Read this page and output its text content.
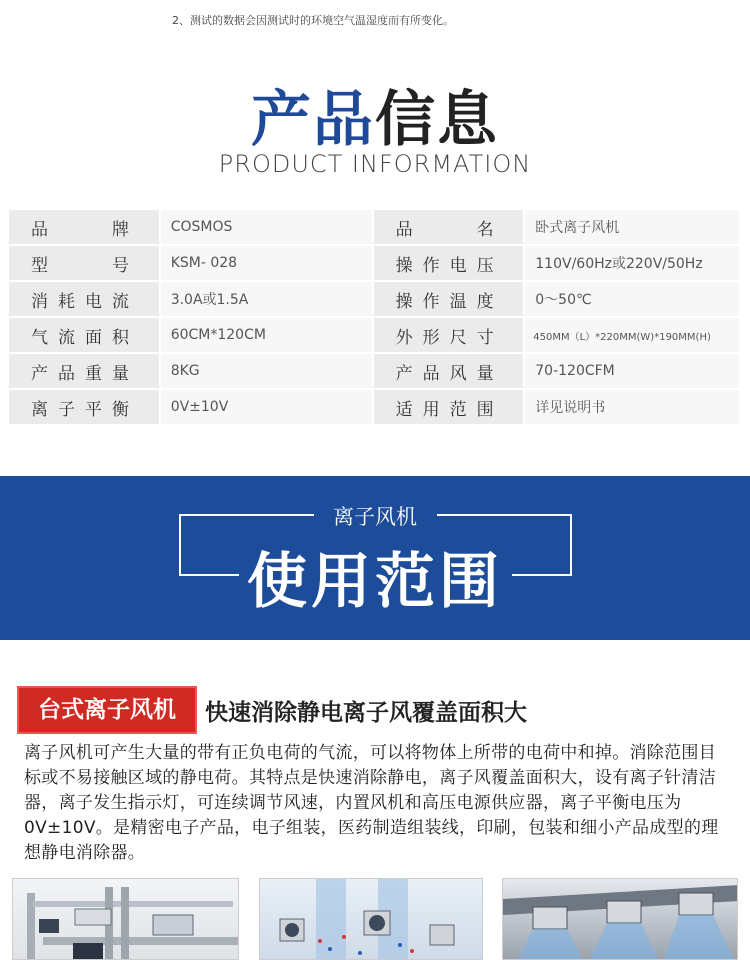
2、测试的数据会因测试时的环境空气温湿度而有所变化。
产品信息
PRODUCT INFORMATION
品 牌	COSMOS	品 名	卧式离子风机

型 号	KSM- 028	操 作 电 压	110V/60Hz或220V/50Hz

消 耗 电 流	3.0A或1.5A	操 作 温 度	0～50℃

气 流 面 积	60CM*120CM	外 形 尺 寸	450MM（L）*220MM(W)*190MM(H)

产 品 重 量	8KG	产 品 风 量	70-120CFM

离 子 平 衡	0V±10V	适 用 范 围	详见说明书
离子风机
使用范围
台式离子风机	快速消除静电离子风覆盖面积大
离子风机可产生大量的带有正负电荷的气流，可以将物体上所带的电荷中和掉。消除范围目标或不易接触区域的静电荷。其特点是快速消除静电，离子风覆盖面积大，设有离子针清洁器，离子发生指示灯，可连续调节风速，内置风机和高压电源供应器，离子平衡电压为0V±10V。是精密电子产品，电子组装，医药制造组装线，印刷，包装和细小产品成型的理想静电消除器。
